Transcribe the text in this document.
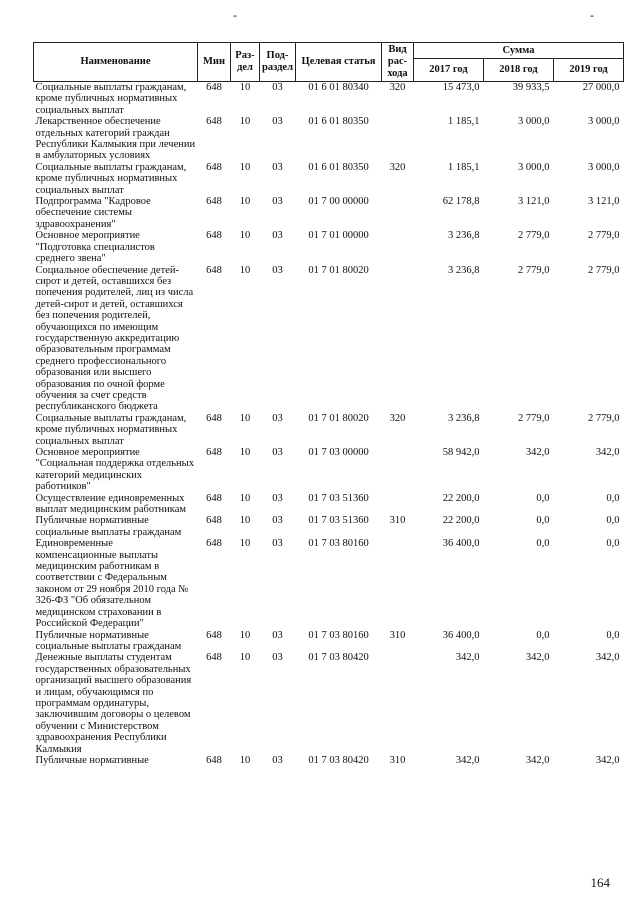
-	-
Наименование	Мин	Раз-дел	Под-раздел	Целевая статья	Вид рас-хода	Сумма		
						2017 год	2018 год	2019 год
Социальные выплаты гражданам, кроме публичных нормативных социальных выплат	648	10	03	01 6 01 80340	320	15 473,0	39 933,5	27 000,0
Лекарственное обеспечение отдельных категорий граждан Республики Калмыкия при лечении в амбулаторных условиях	648	10	03	01 6 01 80350		1 185,1	3 000,0	3 000,0
Социальные выплаты гражданам, кроме публичных нормативных социальных выплат	648	10	03	01 6 01 80350	320	1 185,1	3 000,0	3 000,0
Подпрограмма "Кадровое обеспечение системы здравоохранения"	648	10	03	01 7 00 00000		62 178,8	3 121,0	3 121,0
Основное мероприятие "Подготовка специалистов среднего звена"	648	10	03	01 7 01 00000		3 236,8	2 779,0	2 779,0
Социальное обеспечение детей-сирот и детей, оставшихся без попечения родителей, лиц из числа детей-сирот и детей, оставшихся без попечения родителей, обучающихся по имеющим государственную аккредитацию образовательным программам среднего профессионального образования или высшего образования по очной форме обучения за счет средств республиканского бюджета	648	10	03	01 7 01 80020		3 236,8	2 779,0	2 779,0
Социальные выплаты гражданам, кроме публичных нормативных социальных выплат	648	10	03	01 7 01 80020	320	3 236,8	2 779,0	2 779,0
Основное мероприятие "Социальная поддержка отдельных категорий медицинских работников"	648	10	03	01 7 03 00000		58 942,0	342,0	342,0
Осуществление единовременных выплат медицинским работникам	648	10	03	01 7 03 51360		22 200,0	0,0	0,0
Публичные нормативные социальные выплаты гражданам	648	10	03	01 7 03 51360	310	22 200,0	0,0	0,0
Единовременные компенсационные выплаты медицинским работникам в соответствии с Федеральным законом от 29 ноября 2010 года № 326-ФЗ "Об обязательном медицинском страховании в Российской Федерации"	648	10	03	01 7 03 80160		36 400,0	0,0	0,0
Публичные нормативные социальные выплаты гражданам	648	10	03	01 7 03 80160	310	36 400,0	0,0	0,0
Денежные выплаты студентам государственных образовательных организаций высшего образования и лицам, обучающимся по программам ординатуры, заключившим договоры о целевом обучении с Министерством здравоохранения Республики Калмыкия	648	10	03	01 7 03 80420		342,0	342,0	342,0
Публичные нормативные	648	10	03	01 7 03 80420	310	342,0	342,0	342,0
164
